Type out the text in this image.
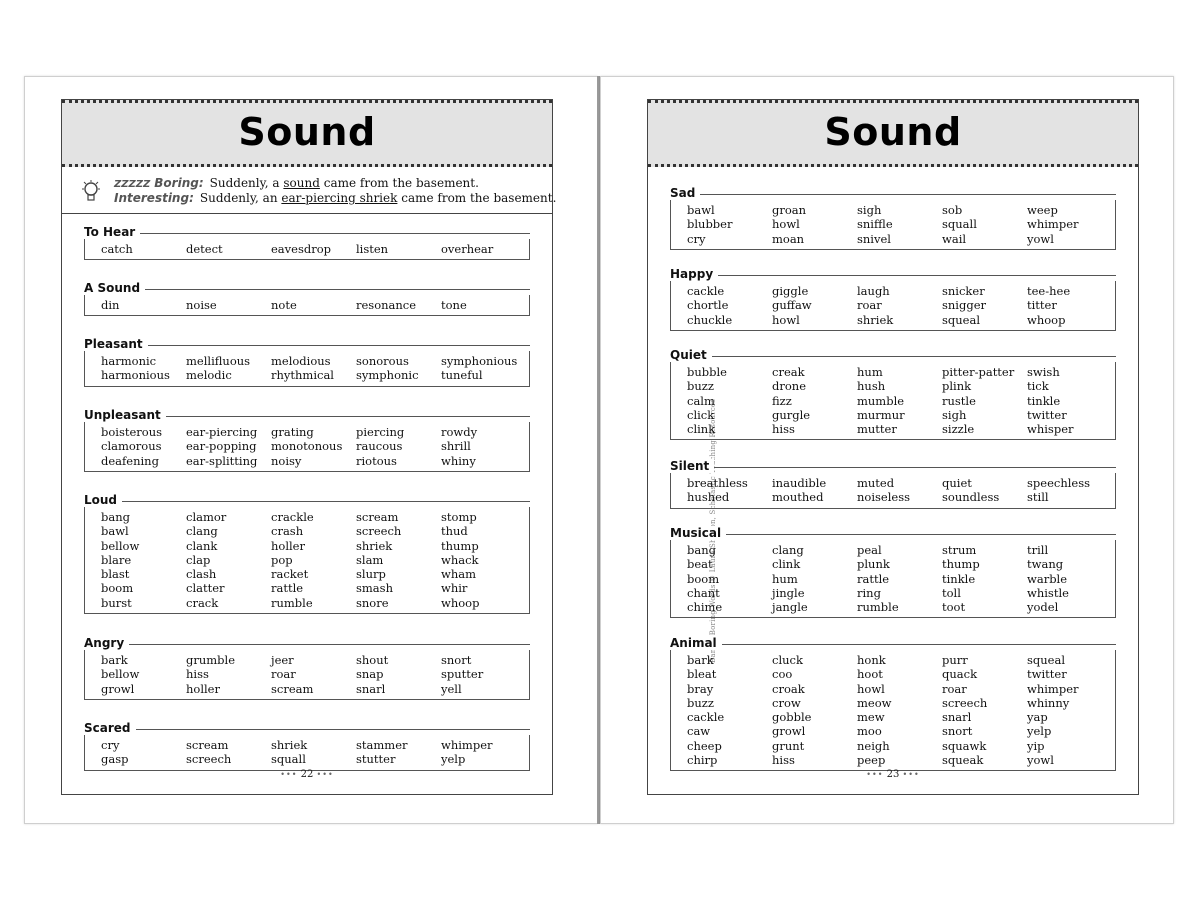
Sound
ZZZZZ Boring: Suddenly, a sound came from the basement.
Interesting: Suddenly, an ear-piercing shriek came from the basement.
To Hear
catch	detect	eavesdrop	listen	overhear
A Sound
din	noise	note	resonance	tone
Pleasant
harmonic	mellifluous	melodious	sonorous	symphonious
harmonious	melodic	rhythmical	symphonic	tuneful
Unpleasant
boisterous	ear-piercing	grating	piercing	rowdy
clamorous	ear-popping	monotonous	raucous	shrill
deafening	ear-splitting	noisy	riotous	whiny
Loud
bang	clamor	crackle	scream	stomp
bawl	clang	crash	screech	thud
bellow	clank	holler	shriek	thump
blare	clap	pop	slam	whack
blast	clash	racket	slurp	wham
boom	clatter	rattle	smash	whir
burst	crack	rumble	snore	whoop
Angry
bark	grumble	jeer	shout	snort
bellow	hiss	roar	snap	sputter
growl	holler	scream	snarl	yell
Scared
cry	scream	shriek	stammer	whimper
gasp	screech	squall	stutter	yelp
••• 22 •••
Sound
Sad
bawl	groan	sigh	sob	weep
blubber	howl	sniffle	squall	whimper
cry	moan	snivel	wail	yowl
Happy
cackle	giggle	laugh	snicker	tee-hee
chortle	guffaw	roar	snigger	titter
chuckle	howl	shriek	squeal	whoop
Quiet
bubble	creak	hum	pitter-patter	swish
buzz	drone	hush	plink	tick
calm	fizz	mumble	rustle	tinkle
click	gurgle	murmur	sigh	twitter
clink	hiss	mutter	sizzle	whisper
Silent
breathless	inaudible	muted	quiet	speechless
hushed	mouthed	noiseless	soundless	still
Musical
bang	clang	peal	strum	trill
beat	clink	plunk	thump	twang
boom	hum	rattle	tinkle	warble
chant	jingle	ring	toll	whistle
chime	jangle	rumble	toot	yodel
Animal
bark	cluck	honk	purr	squeal
bleat	coo	hoot	quack	twitter
bray	croak	howl	roar	whimper
buzz	crow	meow	screech	whinny
cackle	gobble	mew	snarl	yap
caw	growl	moo	snort	yelp
cheep	grunt	neigh	squawk	yip
chirp	hiss	peep	squeak	yowl
••• 23 •••
